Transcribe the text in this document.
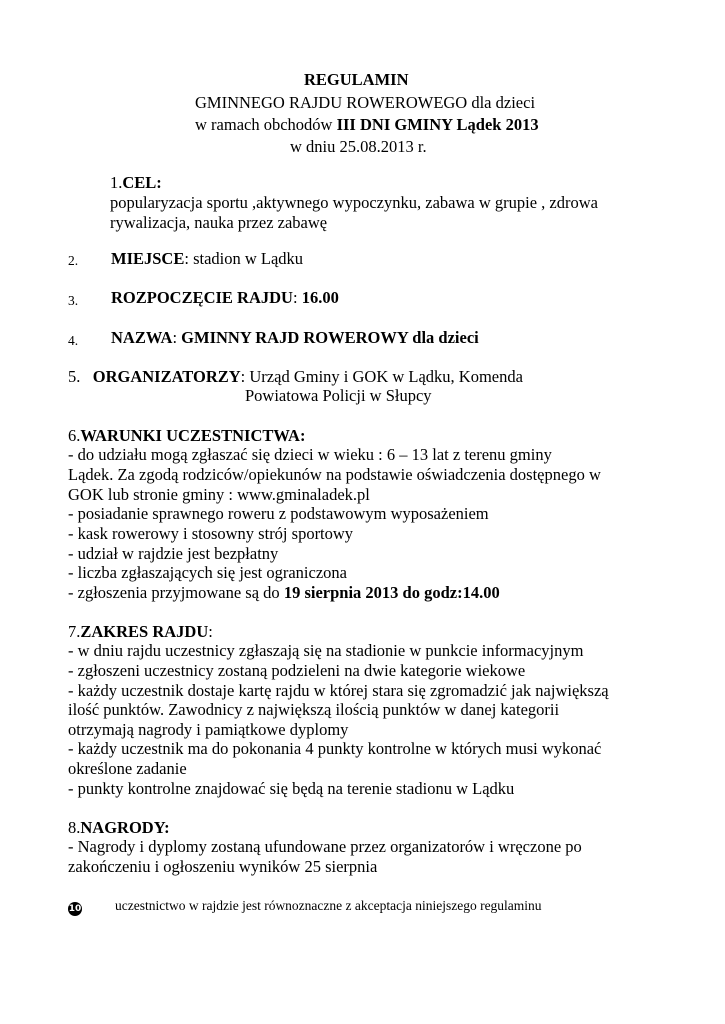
REGULAMIN
GMINNEGO RAJDU ROWEROWEGO dla dzieci
w ramach obchodów III DNI GMINY Lądek 2013
w dniu 25.08.2013 r.
1.CEL:
popularyzacja sportu ,aktywnego wypoczynku, zabawa w grupie , zdrowa
rywalizacja, nauka przez zabawę
2. MIEJSCE: stadion w Lądku
3. ROZPOCZĘCIE RAJDU: 16.00
4. NAZWA: GMINNY RAJD ROWEROWY dla dzieci
5. ORGANIZATORZY: Urząd Gminy i GOK w Lądku, Komenda
Powiatowa Policji w Słupcy
6.WARUNKI UCZESTNICTWA:
- do udziału mogą zgłaszać się dzieci w wieku : 6 – 13 lat z terenu gminy
Lądek. Za zgodą rodziców/opiekunów na podstawie oświadczenia dostępnego w
GOK lub stronie gminy : www.gminaladek.pl
- posiadanie sprawnego roweru z podstawowym wyposażeniem
- kask rowerowy i stosowny strój sportowy
- udział w rajdzie jest bezpłatny
- liczba zgłaszających się jest ograniczona
- zgłoszenia przyjmowane są do 19 sierpnia 2013 do godz:14.00
7.ZAKRES RAJDU:
- w dniu rajdu uczestnicy zgłaszają się na stadionie w punkcie informacyjnym
- zgłoszeni uczestnicy zostaną podzieleni na dwie kategorie wiekowe
- każdy uczestnik dostaje kartę rajdu w której stara się zgromadzić jak największą
ilość punktów. Zawodnicy z największą ilością punktów w danej kategorii
otrzymają nagrody i pamiątkowe dyplomy
- każdy uczestnik ma do pokonania 4 punkty kontrolne w których musi wykonać
określone zadanie
- punkty kontrolne znajdować się będą na terenie stadionu w Lądku
8.NAGRODY:
- Nagrody i dyplomy zostaną ufundowane przez organizatorów i wręczone po
zakończeniu i ogłoszeniu wyników 25 sierpnia
10 uczestnictwo w rajdzie jest równoznaczne z akceptacja niniejszego regulaminu
